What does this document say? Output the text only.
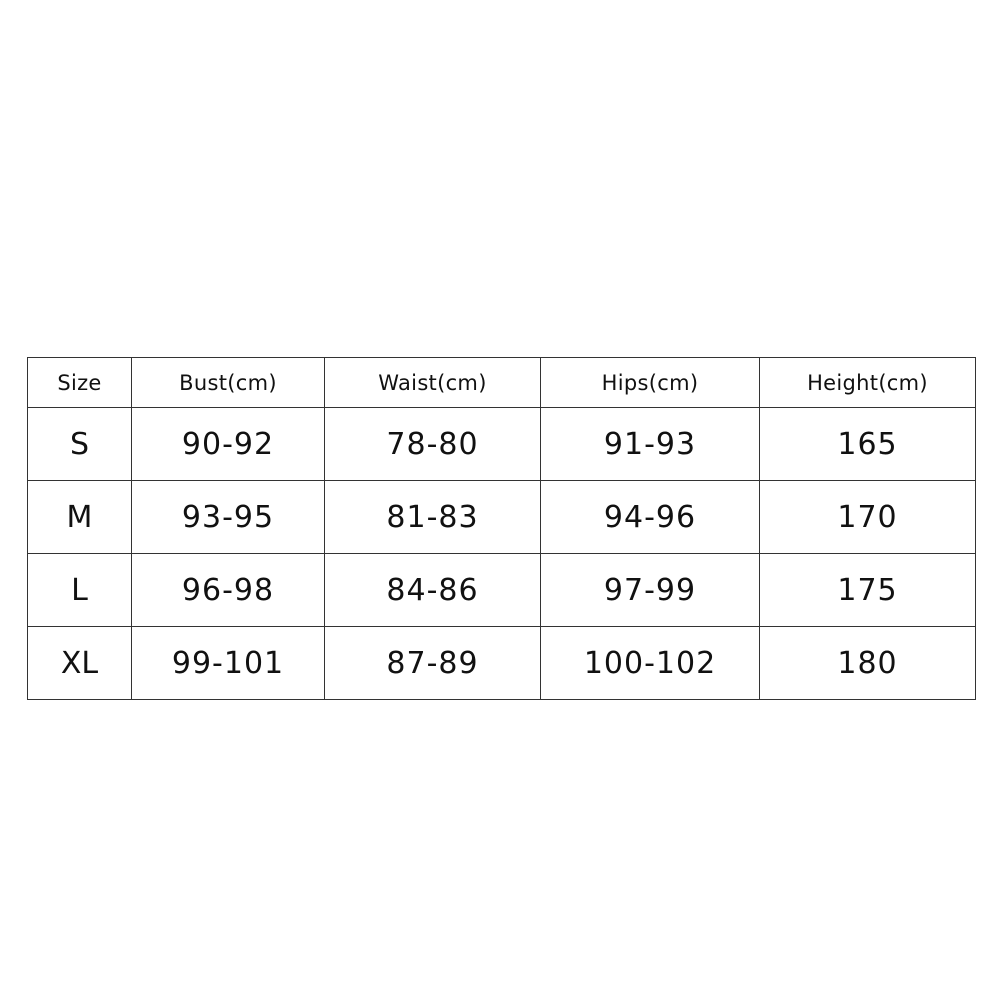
Size	Bust(cm)	Waist(cm)	Hips(cm)	Height(cm)
S	90-92	78-80	91-93	165
M	93-95	81-83	94-96	170
L	96-98	84-86	97-99	175
XL	99-101	87-89	100-102	180
